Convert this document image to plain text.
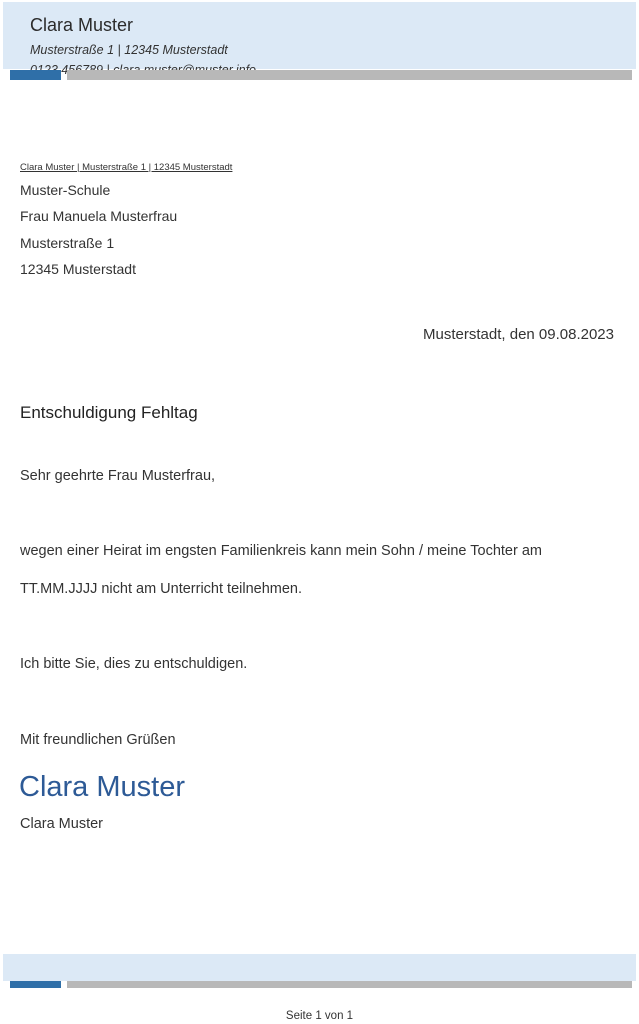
Clara Muster
Musterstraße 1 | 12345 Musterstadt
Clara Muster | Musterstraße 1 | 12345 Musterstadt
Muster-Schule
Frau Manuela Musterfrau
Musterstraße 1
12345 Musterstadt
Musterstadt, den 09.08.2023
Entschuldigung Fehltag
Sehr geehrte Frau Musterfrau,
wegen einer Heirat im engsten Familienkreis kann mein Sohn / meine Tochter am
TT.MM.JJJJ nicht am Unterricht teilnehmen.
Ich bitte Sie, dies zu entschuldigen.
Mit freundlichen Grüßen
Clara Muster
Clara Muster
Seite 1 von 1
